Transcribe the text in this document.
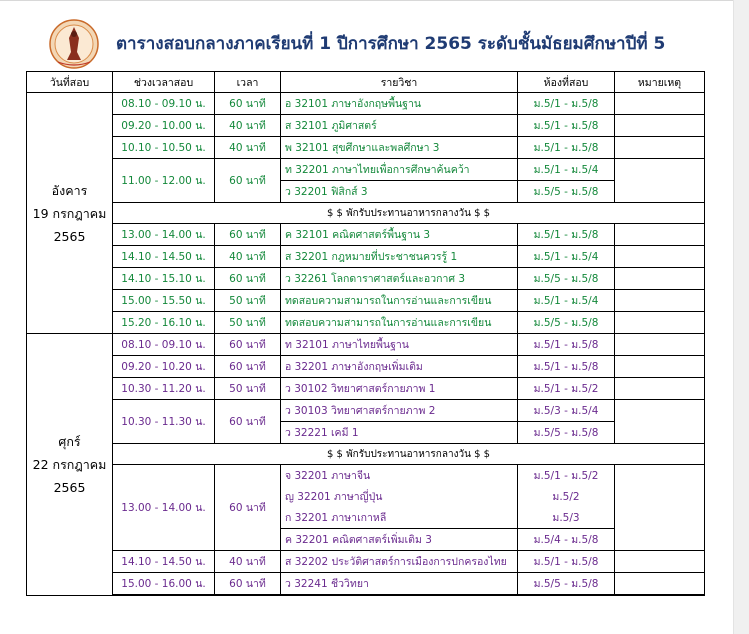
ตารางสอบกลางภาคเรียนที่ 1 ปีการศึกษา 2565 ระดับชั้นมัธยมศึกษาปีที่ 5
วันที่สอบ	ช่วงเวลาสอบ	เวลา	รายวิชา	ห้องที่สอบ	หมายเหตุ

อังคาร
19 กรกฎาคม
2565	08.10 - 09.10 น.	60 นาที	อ 32101 ภาษาอังกฤษพื้นฐาน	ม.5/1 - ม.5/8	
	09.20 - 10.00 น.	40 นาที	ส 32101 ภูมิศาสตร์	ม.5/1 - ม.5/8	
	10.10 - 10.50 น.	40 นาที	พ 32101 สุขศึกษาและพลศึกษา 3	ม.5/1 - ม.5/8	
	11.00 - 12.00 น.	60 นาที	ท 32201 ภาษาไทยเพื่อการศึกษาค้นคว้า	ม.5/1 - ม.5/4	
			ว 32201 ฟิสิกส์ 3	ม.5/5 - ม.5/8	
	$ $ พักรับประทานอาหารกลางวัน $ $				
	13.00 - 14.00 น.	60 นาที	ค 32101 คณิตศาสตร์พื้นฐาน 3	ม.5/1 - ม.5/8	
	14.10 - 14.50 น.	40 นาที	ส 32201 กฎหมายที่ประชาชนควรรู้ 1	ม.5/1 - ม.5/4	
	14.10 - 15.10 น.	60 นาที	ว 32261 โลกดาราศาสตร์และอวกาศ 3	ม.5/5 - ม.5/8	
	15.00 - 15.50 น.	50 นาที	ทดสอบความสามารถในการอ่านและการเขียน	ม.5/1 - ม.5/4	
	15.20 - 16.10 น.	50 นาที	ทดสอบความสามารถในการอ่านและการเขียน	ม.5/5 - ม.5/8	

ศุกร์
22 กรกฎาคม
2565	08.10 - 09.10 น.	60 นาที	ท 32101 ภาษาไทยพื้นฐาน	ม.5/1 - ม.5/8	
	09.20 - 10.20 น.	60 นาที	อ 32201 ภาษาอังกฤษเพิ่มเติม	ม.5/1 - ม.5/8	
	10.30 - 11.20 น.	50 นาที	ว 30102 วิทยาศาสตร์กายภาพ 1	ม.5/1 - ม.5/2	
	10.30 - 11.30 น.	60 นาที	ว 30103 วิทยาศาสตร์กายภาพ 2	ม.5/3 - ม.5/4	
			ว 32221 เคมี 1	ม.5/5 - ม.5/8	
	$ $ พักรับประทานอาหารกลางวัน $ $				
	13.00 - 14.00 น.	60 นาที	จ 32201 ภาษาจีน	ม.5/1 - ม.5/2	
			ญ 32201 ภาษาญี่ปุ่น	ม.5/2	
			ก 32201 ภาษาเกาหลี	ม.5/3	
			ค 32201 คณิตศาสตร์เพิ่มเติม 3	ม.5/4 - ม.5/8	
	14.10 - 14.50 น.	40 นาที	ส 32202 ประวัติศาสตร์การเมืองการปกครองไทย	ม.5/1 - ม.5/8	
	15.00 - 16.00 น.	60 นาที	ว 32241 ชีววิทยา	ม.5/5 - ม.5/8	
